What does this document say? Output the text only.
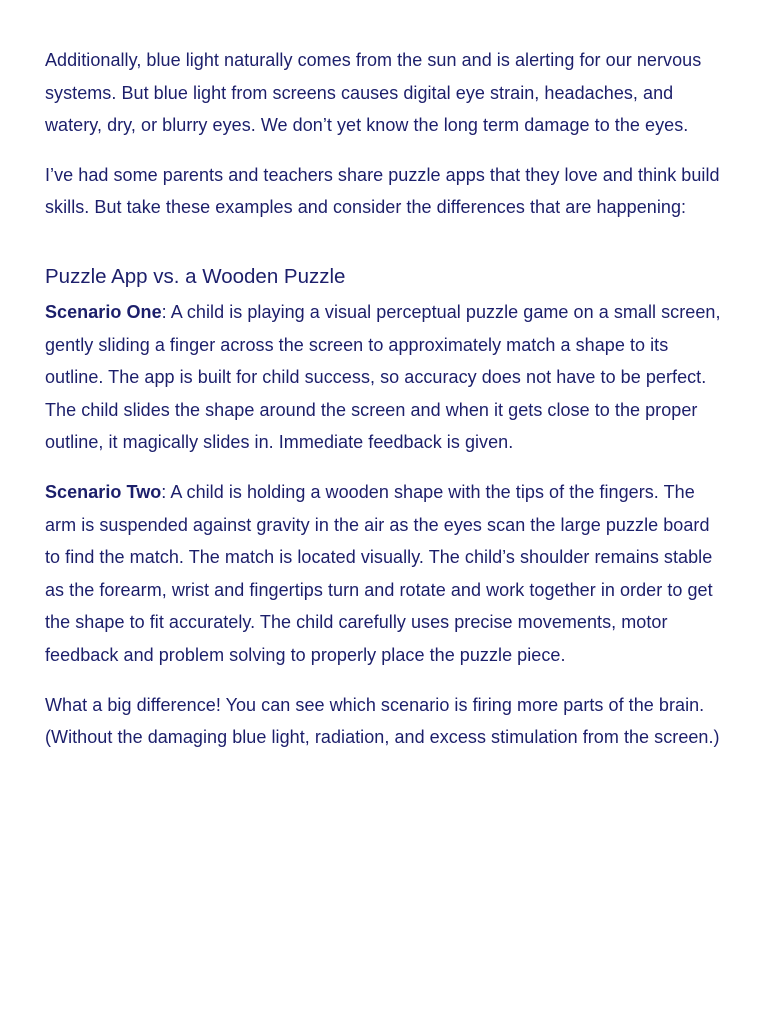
Additionally, blue light naturally comes from the sun and is alerting for our nervous systems. But blue light from screens causes digital eye strain, headaches, and watery, dry, or blurry eyes. We don’t yet know the long term damage to the eyes.

I’ve had some parents and teachers share puzzle apps that they love and think build skills. But take these examples and consider the differences that are happening:

Puzzle App vs. a Wooden Puzzle

Scenario One: A child is playing a visual perceptual puzzle game on a small screen, gently sliding a finger across the screen to approximately match a shape to its outline. The app is built for child success, so accuracy does not have to be perfect. The child slides the shape around the screen and when it gets close to the proper outline, it magically slides in. Immediate feedback is given.

Scenario Two: A child is holding a wooden shape with the tips of the fingers. The arm is suspended against gravity in the air as the eyes scan the large puzzle board to find the match. The match is located visually. The child’s shoulder remains stable as the forearm, wrist and fingertips turn and rotate and work together in order to get the shape to fit accurately. The child carefully uses precise movements, motor feedback and problem solving to properly place the puzzle piece.

What a big difference! You can see which scenario is firing more parts of the brain. (Without the damaging blue light, radiation, and excess stimulation from the screen.)
